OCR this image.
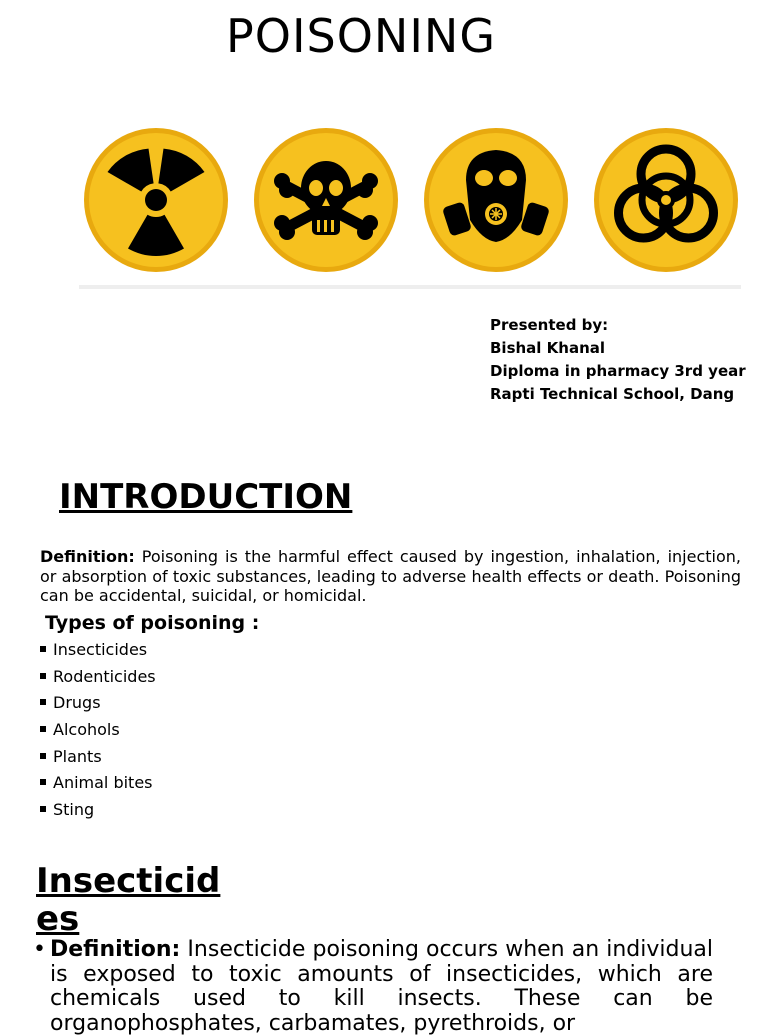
POISONING
Presented by:
Bishal Khanal
Diploma in pharmacy 3rd year
Rapti Technical School, Dang
INTRODUCTION
Definition: Poisoning is the harmful effect caused by ingestion, inhalation, injection, or absorption of toxic substances, leading to adverse health effects or death. Poisoning can be accidental, suicidal, or homicidal.
Types of poisoning :
Insecticides
Rodenticides
Drugs
Alcohols
Plants
Animal bites
Sting
Insecticides
• Definition: Insecticide poisoning occurs when an individual is exposed to toxic amounts of insecticides, which are chemicals used to kill insects. These can be organophosphates, carbamates, pyrethroids, or
